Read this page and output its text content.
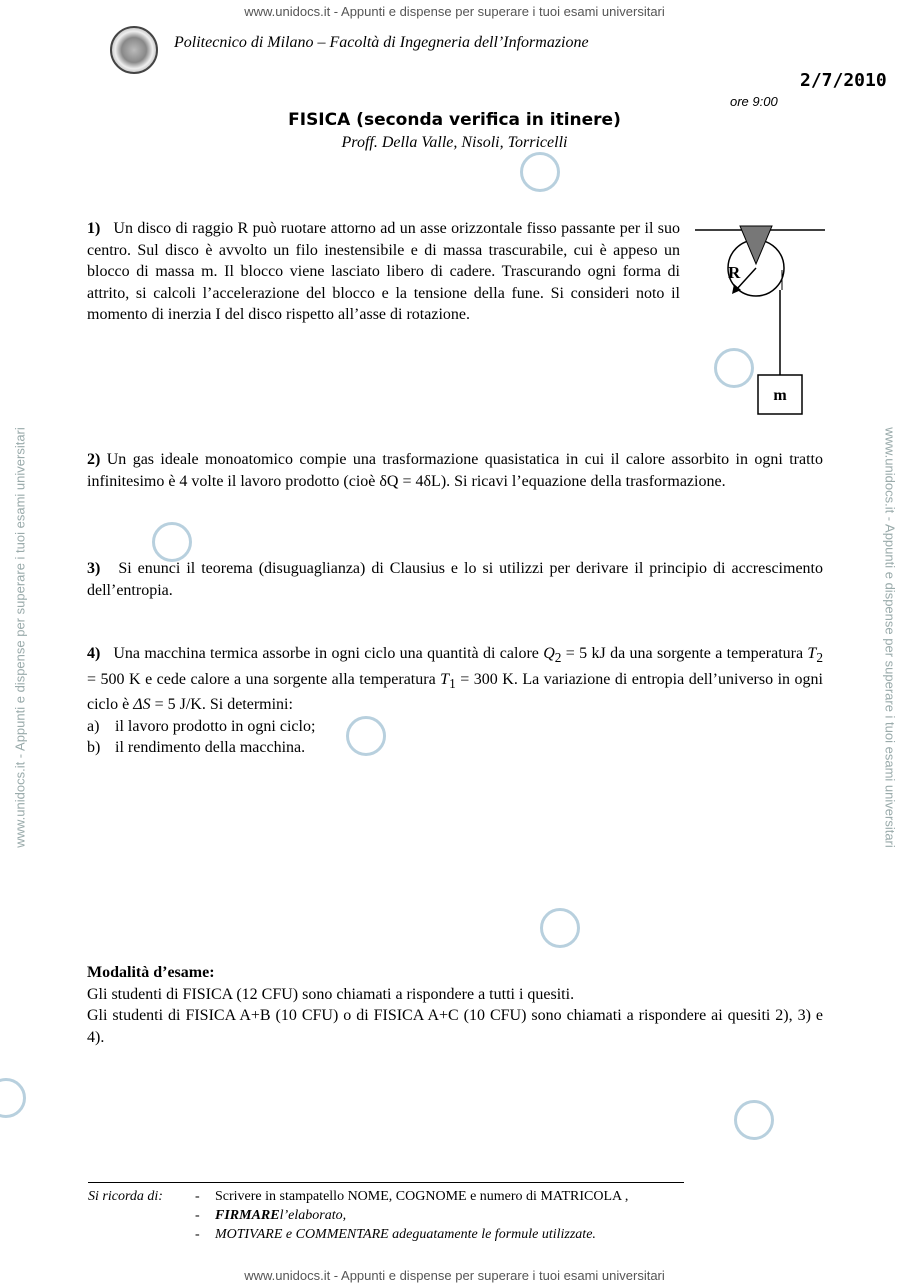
www.unidocs.it - Appunti e dispense per superare i tuoi esami universitari
www.unidocs.it - Appunti e dispense per superare i tuoi esami universitari
www.unidocs.it - Appunti e dispense per superare i tuoi esami universitari	www.unidocs.it - Appunti e dispense per superare i tuoi esami universitari
Politecnico di Milano – Facoltà di Ingegneria dell’Informazione
2/7/2010
ore 9:00
FISICA (seconda verifica in itinere)
Proff. Della Valle, Nisoli, Torricelli
1) Un disco di raggio R può ruotare attorno ad un asse orizzontale fisso passante per il suo centro. Sul disco è avvolto un filo inestensibile e di massa trascurabile, cui è appeso un blocco di massa m. Il blocco viene lasciato libero di cadere. Trascurando ogni forma di attrito, si calcoli l’accelerazione del blocco e la tensione della fune. Si consideri noto il momento di inerzia I del disco rispetto all’asse di rotazione.
R
m
2) Un gas ideale monoatomico compie una trasformazione quasistatica in cui il calore assorbito in ogni tratto infinitesimo è 4 volte il lavoro prodotto (cioè δQ = 4δL). Si ricavi l’equazione della trasformazione.
3) Si enunci il teorema (disuguaglianza) di Clausius e lo si utilizzi per derivare il principio di accrescimento dell’entropia.
4) Una macchina termica assorbe in ogni ciclo una quantità di calore $Q_2 = 5$ kJ da una sorgente a temperatura $T_2 = 500$ K e cede calore a una sorgente alla temperatura $T_1 = 300$ K. La variazione di entropia dell’universo in ogni ciclo è ΔS = 5 J/K. Si determini:
a) il lavoro prodotto in ogni ciclo;
b) il rendimento della macchina.
Modalità d’esame:
Gli studenti di FISICA (12 CFU) sono chiamati a rispondere a tutti i quesiti.
Gli studenti di FISICA A+B (10 CFU) o di FISICA A+C (10 CFU) sono chiamati a rispondere ai quesiti 2), 3) e 4).
Si ricorda di: - Scrivere in stampatello NOME, COGNOME e numero di MATRICOLA ,
- FIRMAREl’elaborato,
- MOTIVARE e COMMENTARE adeguatamente le formule utilizzate.
